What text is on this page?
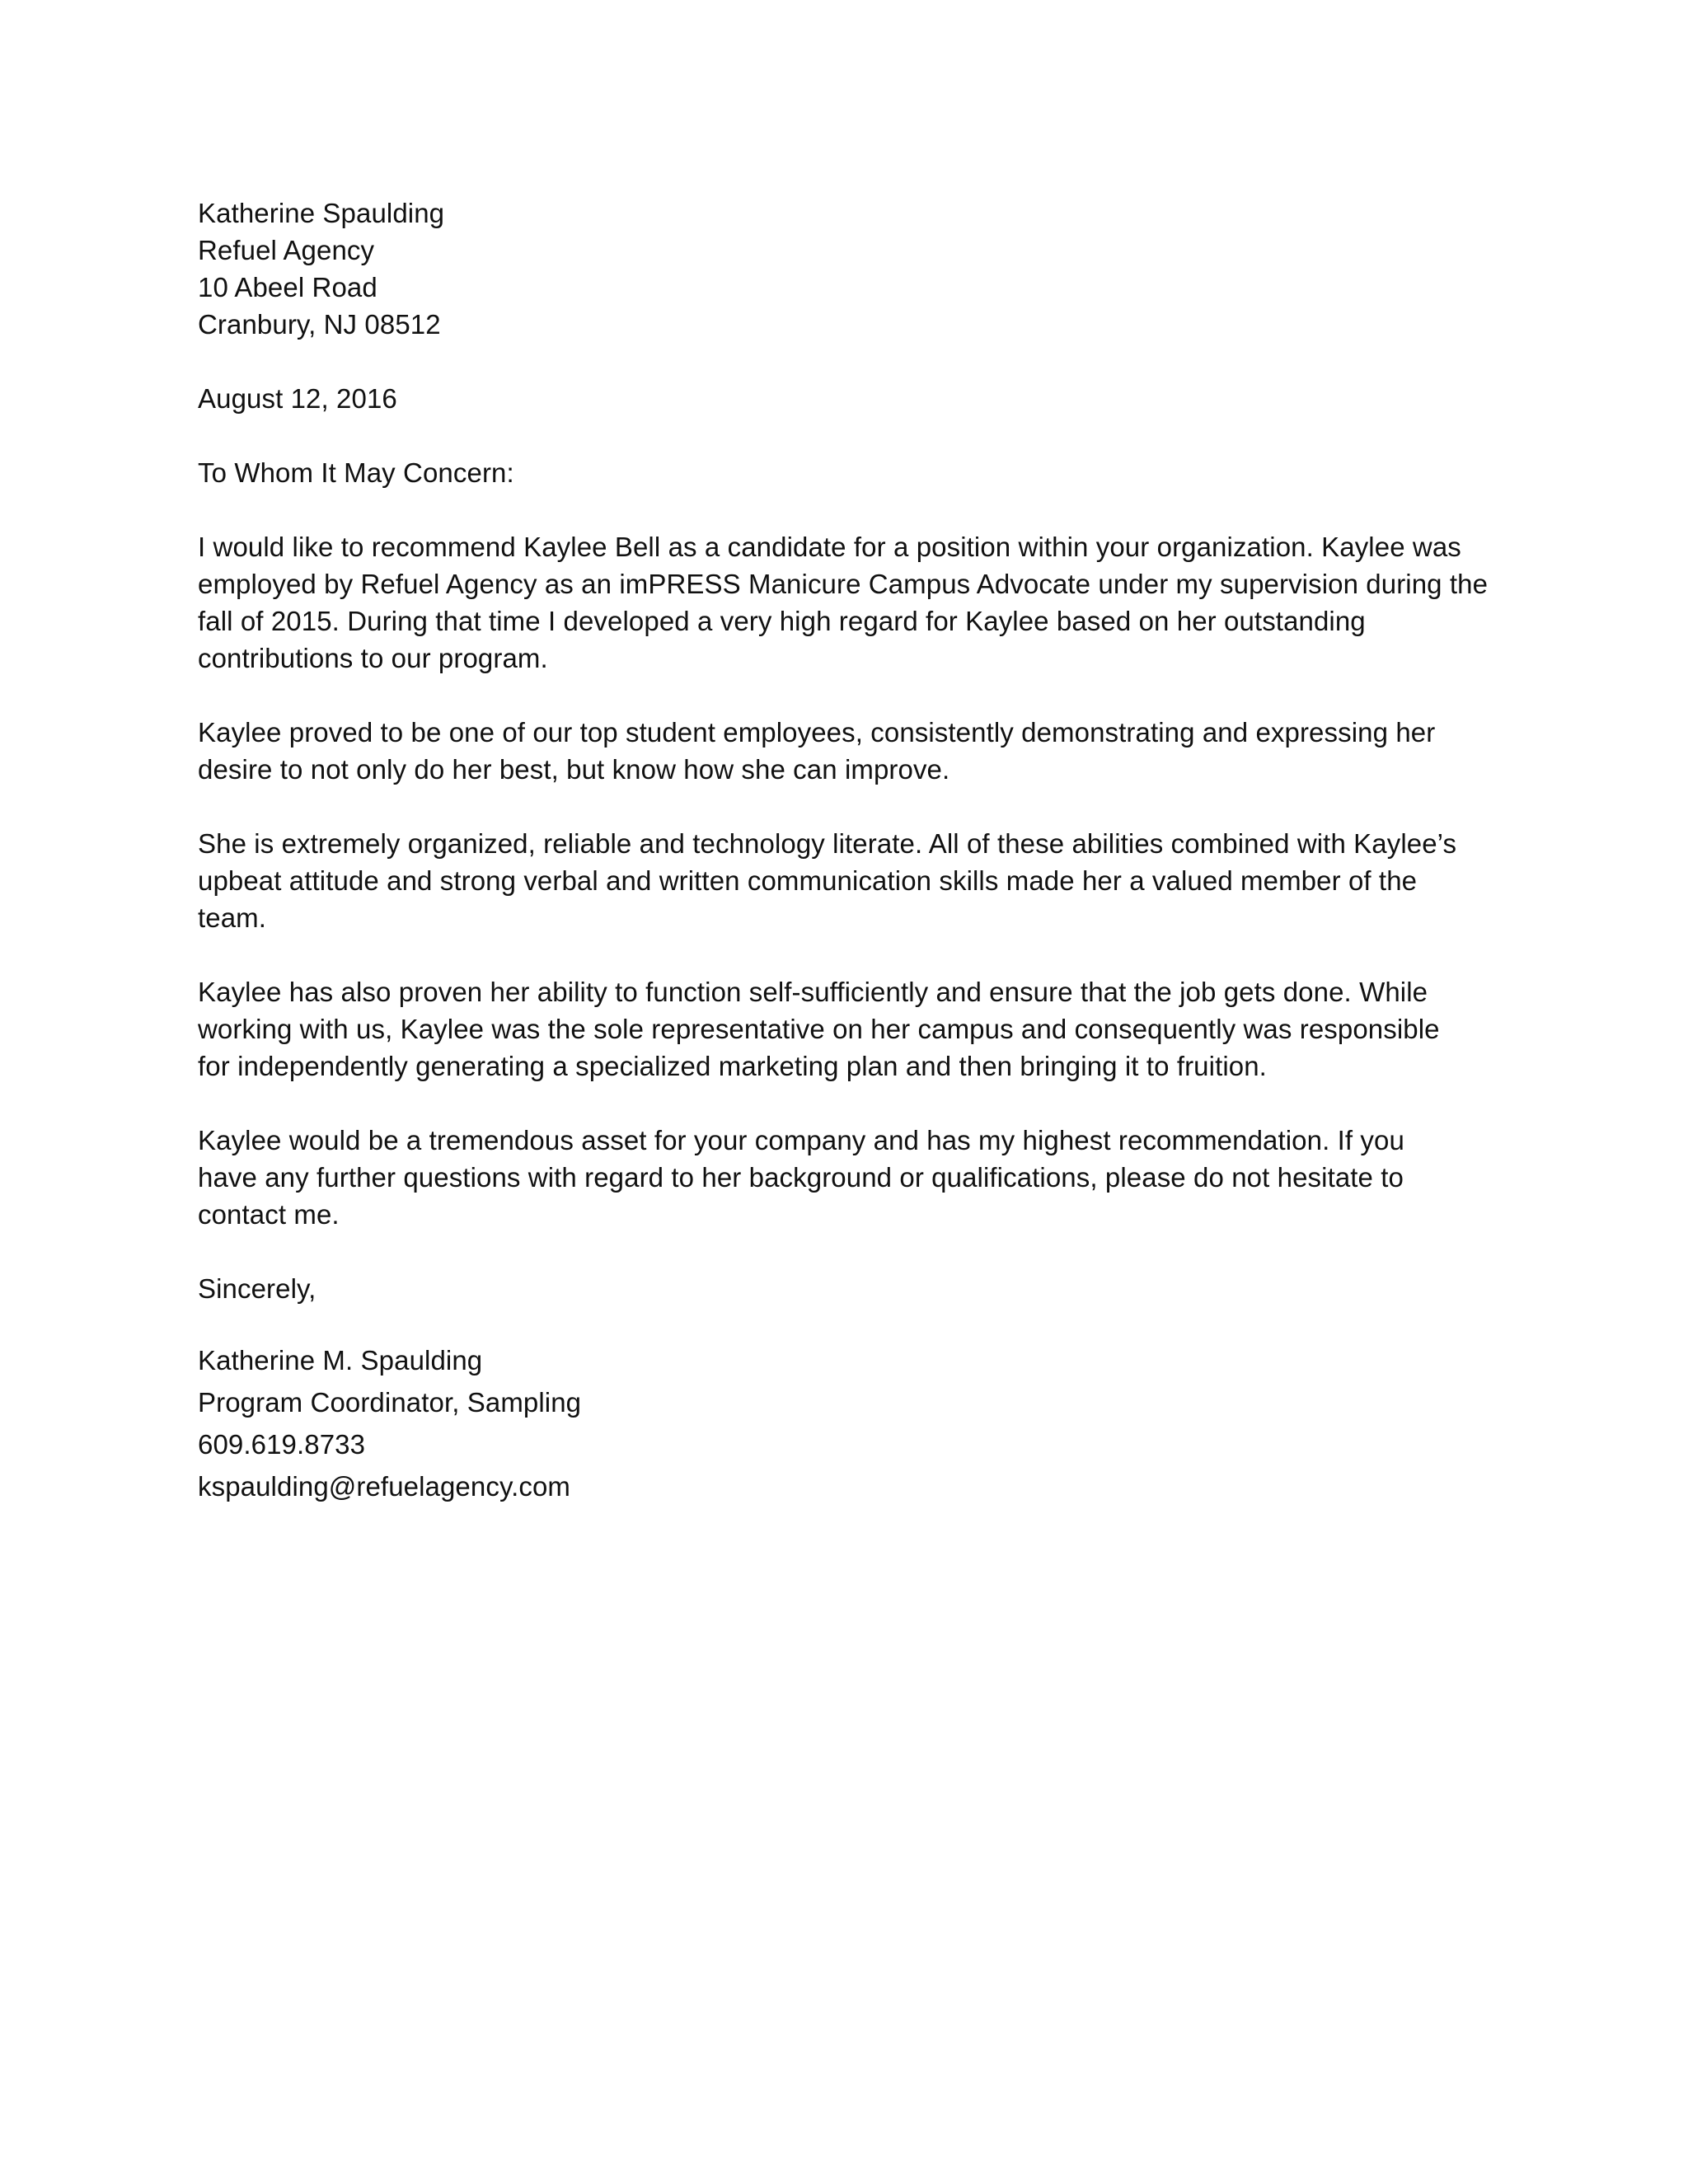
Katherine Spaulding
Refuel Agency
10 Abeel Road
Cranbury, NJ 08512
August 12, 2016
To Whom It May Concern:
I would like to recommend Kaylee Bell as a candidate for a position within your organization. Kaylee was
employed by Refuel Agency as an imPRESS Manicure Campus Advocate under my supervision during the
fall of 2015. During that time I developed a very high regard for Kaylee based on her outstanding
contributions to our program.
Kaylee proved to be one of our top student employees, consistently demonstrating and expressing her
desire to not only do her best, but know how she can improve.
She is extremely organized, reliable and technology literate. All of these abilities combined with Kaylee’s
upbeat attitude and strong verbal and written communication skills made her a valued member of the
team.
Kaylee has also proven her ability to function self-sufficiently and ensure that the job gets done. While
working with us, Kaylee was the sole representative on her campus and consequently was responsible
for independently generating a specialized marketing plan and then bringing it to fruition.
Kaylee would be a tremendous asset for your company and has my highest recommendation. If you
have any further questions with regard to her background or qualifications, please do not hesitate to
contact me.
Sincerely,
Katherine M. Spaulding
Program Coordinator, Sampling
609.619.8733
kspaulding@refuelagency.com
